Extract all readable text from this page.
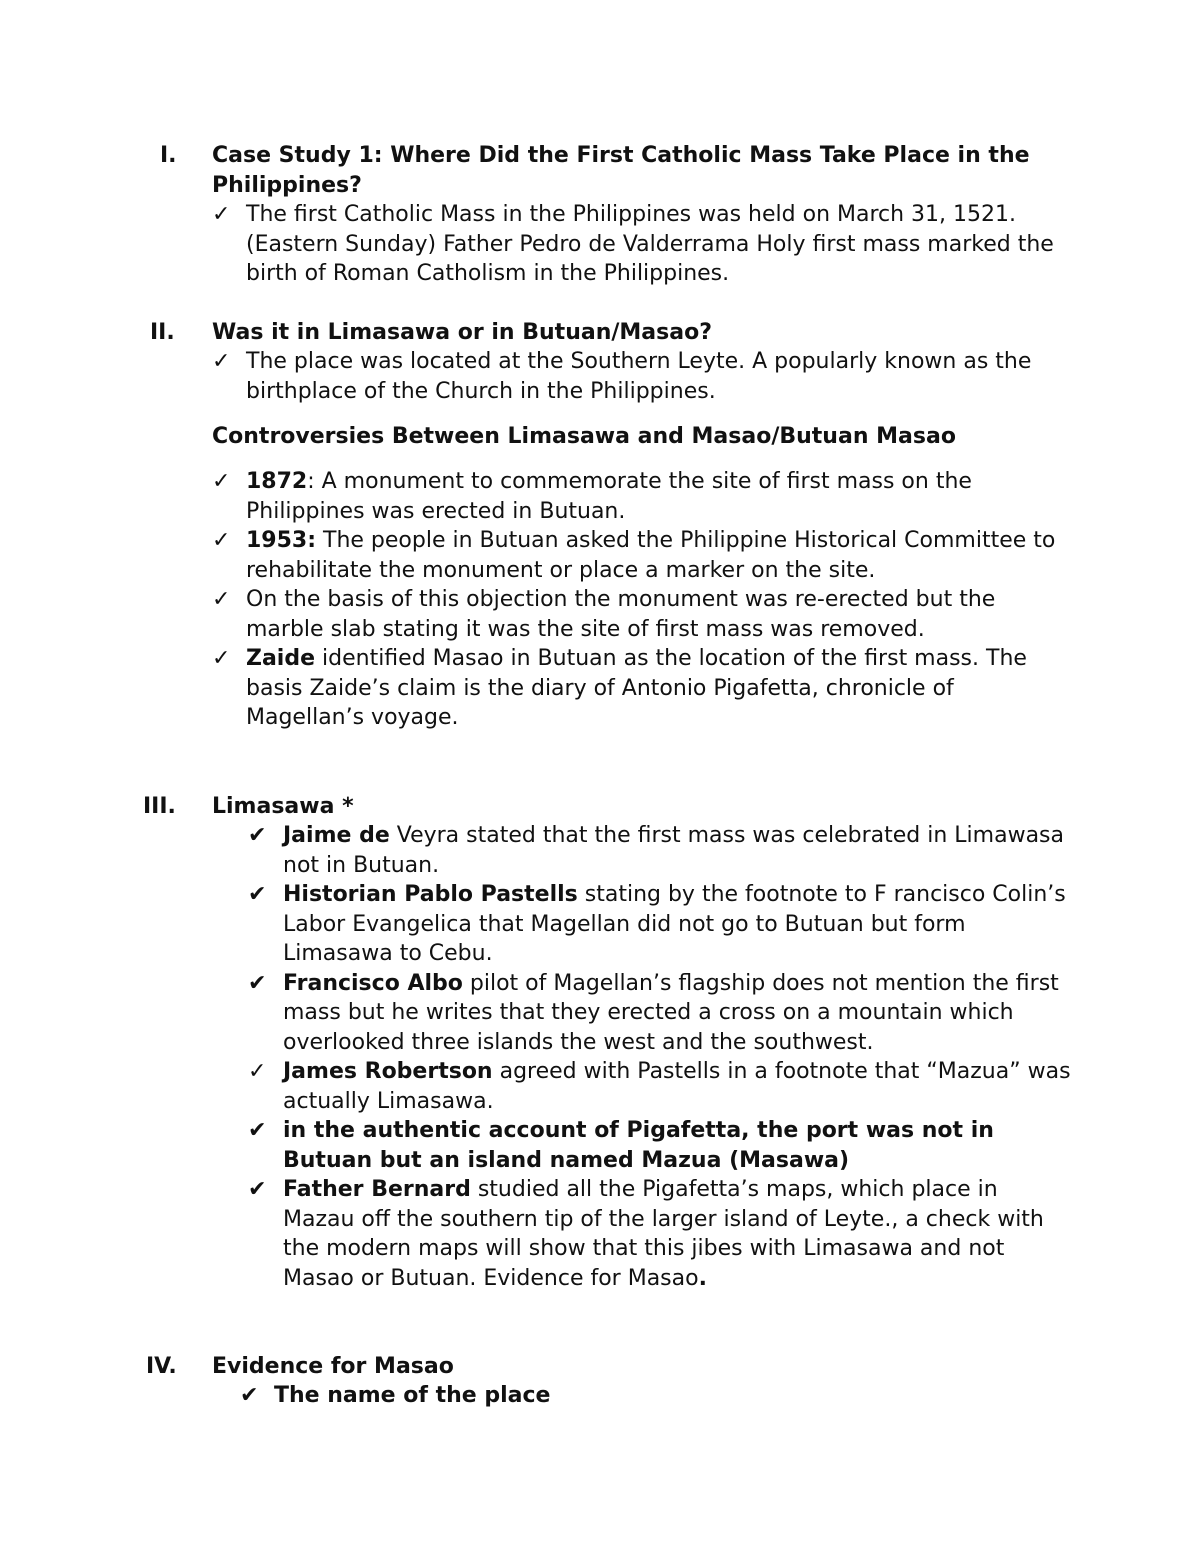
I.	Case Study 1: Where Did the First Catholic Mass Take Place in the Philippines?
✓ The first Catholic Mass in the Philippines was held on March 31, 1521. (Eastern Sunday) Father Pedro de Valderrama Holy first mass marked the birth of Roman Catholism in the Philippines.
II.	Was it in Limasawa or in Butuan/Masao?
✓ The place was located at the Southern Leyte. A popularly known as the birthplace of the Church in the Philippines.
Controversies Between Limasawa and Masao/Butuan Masao
✓ 1872: A monument to commemorate the site of first mass on the Philippines was erected in Butuan.
✓ 1953: The people in Butuan asked the Philippine Historical Committee to rehabilitate the monument or place a marker on the site.
✓ On the basis of this objection the monument was re-erected but the marble slab stating it was the site of first mass was removed.
✓ Zaide identified Masao in Butuan as the location of the first mass. The basis Zaide’s claim is the diary of Antonio Pigafetta, chronicle of Magellan’s voyage.
III.	Limasawa *
✔ Jaime de Veyra stated that the first mass was celebrated in Limawasa not in Butuan.
✔ Historian Pablo Pastells stating by the footnote to F rancisco Colin’s Labor Evangelica that Magellan did not go to Butuan but form Limasawa to Cebu.
✔ Francisco Albo pilot of Magellan’s flagship does not mention the first mass but he writes that they erected a cross on a mountain which overlooked three islands the west and the southwest.
✓ James Robertson agreed with Pastells in a footnote that “Mazua” was actually Limasawa.
✔ in the authentic account of Pigafetta, the port was not in Butuan but an island named Mazua (Masawa)
✔ Father Bernard studied all the Pigafetta’s maps, which place in Mazau off the southern tip of the larger island of Leyte., a check with the modern maps will show that this jibes with Limasawa and not Masao or Butuan. Evidence for Masao.
IV.	Evidence for Masao
✔ The name of the place
